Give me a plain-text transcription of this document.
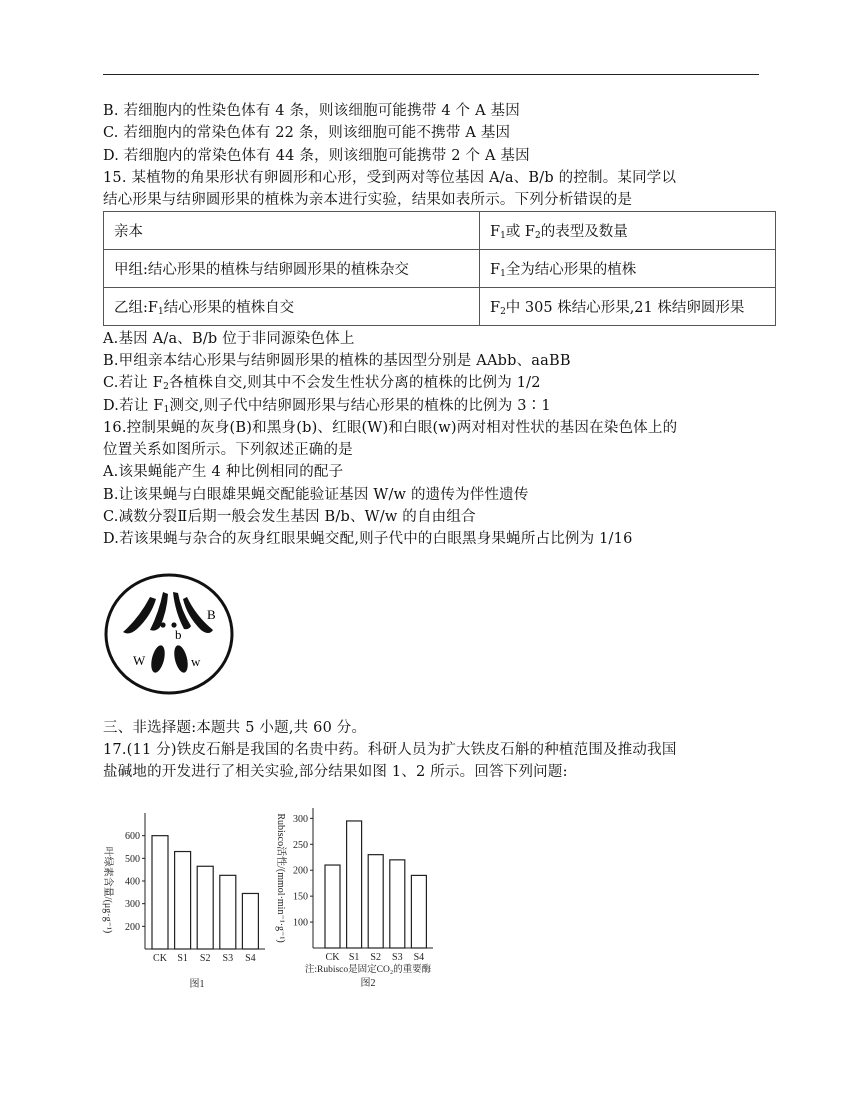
B. 若细胞内的性染色体有 4 条，则该细胞可能携带 4 个 A 基因
C. 若细胞内的常染色体有 22 条，则该细胞可能不携带 A 基因
D. 若细胞内的常染色体有 44 条，则该细胞可能携带 2 个 A 基因
15. 某植物的角果形状有卵圆形和心形，受到两对等位基因 A/a、B/b 的控制。某同学以
结心形果与结卵圆形果的植株为亲本进行实验，结果如表所示。下列分析错误的是
亲本	$F_1$或 $F_2$的表型及数量
甲组:结心形果的植株与结卵圆形果的植株杂交	$F_1$全为结心形果的植株
乙组$:F_1$结心形果的植株自交	$F_2$中 305 株结心形果,21 株结卵圆形果
A.基因 A/a、B/b 位于非同源染色体上
B.甲组亲本结心形果与结卵圆形果的植株的基因型分别是 AAbb、aaBB
C.若让 $F_2$各植株自交,则其中不会发生性状分离的植株的比例为 1/2
D.若让 $F_1$测交,则子代中结卵圆形果与结心形果的植株的比例为 3∶1
16.控制果蝇的灰身(B)和黑身(b)、红眼(W)和白眼(w)两对相对性状的基因在染色体上的
位置关系如图所示。下列叙述正确的是
A.该果蝇能产生 4 种比例相同的配子
B.让该果蝇与白眼雄果蝇交配能验证基因 W/w 的遗传为伴性遗传
C.减数分裂Ⅱ后期一般会发生基因 B/b、W/w 的自由组合
D.若该果蝇与杂合的灰身红眼果蝇交配,则子代中的白眼黑身果蝇所占比例为 1/16
B
b
W	w
三、非选择题:本题共 5 小题,共 60 分。
17.(11 分)铁皮石斛是我国的名贵中药。科研人员为扩大铁皮石斛的种植范围及推动我国
盐碱地的开发进行了相关实验,部分结果如图 1、2 所示。回答下列问题:
200
300
400
500
600
CK S1 S2 S3 S4
叶绿素含量/(μg·g⁻¹)
图1
100
150
200
250
300
CK S1 S2 S3 S4
Rubisco活性/(mmol·min⁻¹·g⁻¹)
图2
注:Rubisco是固定CO₂的重要酶
